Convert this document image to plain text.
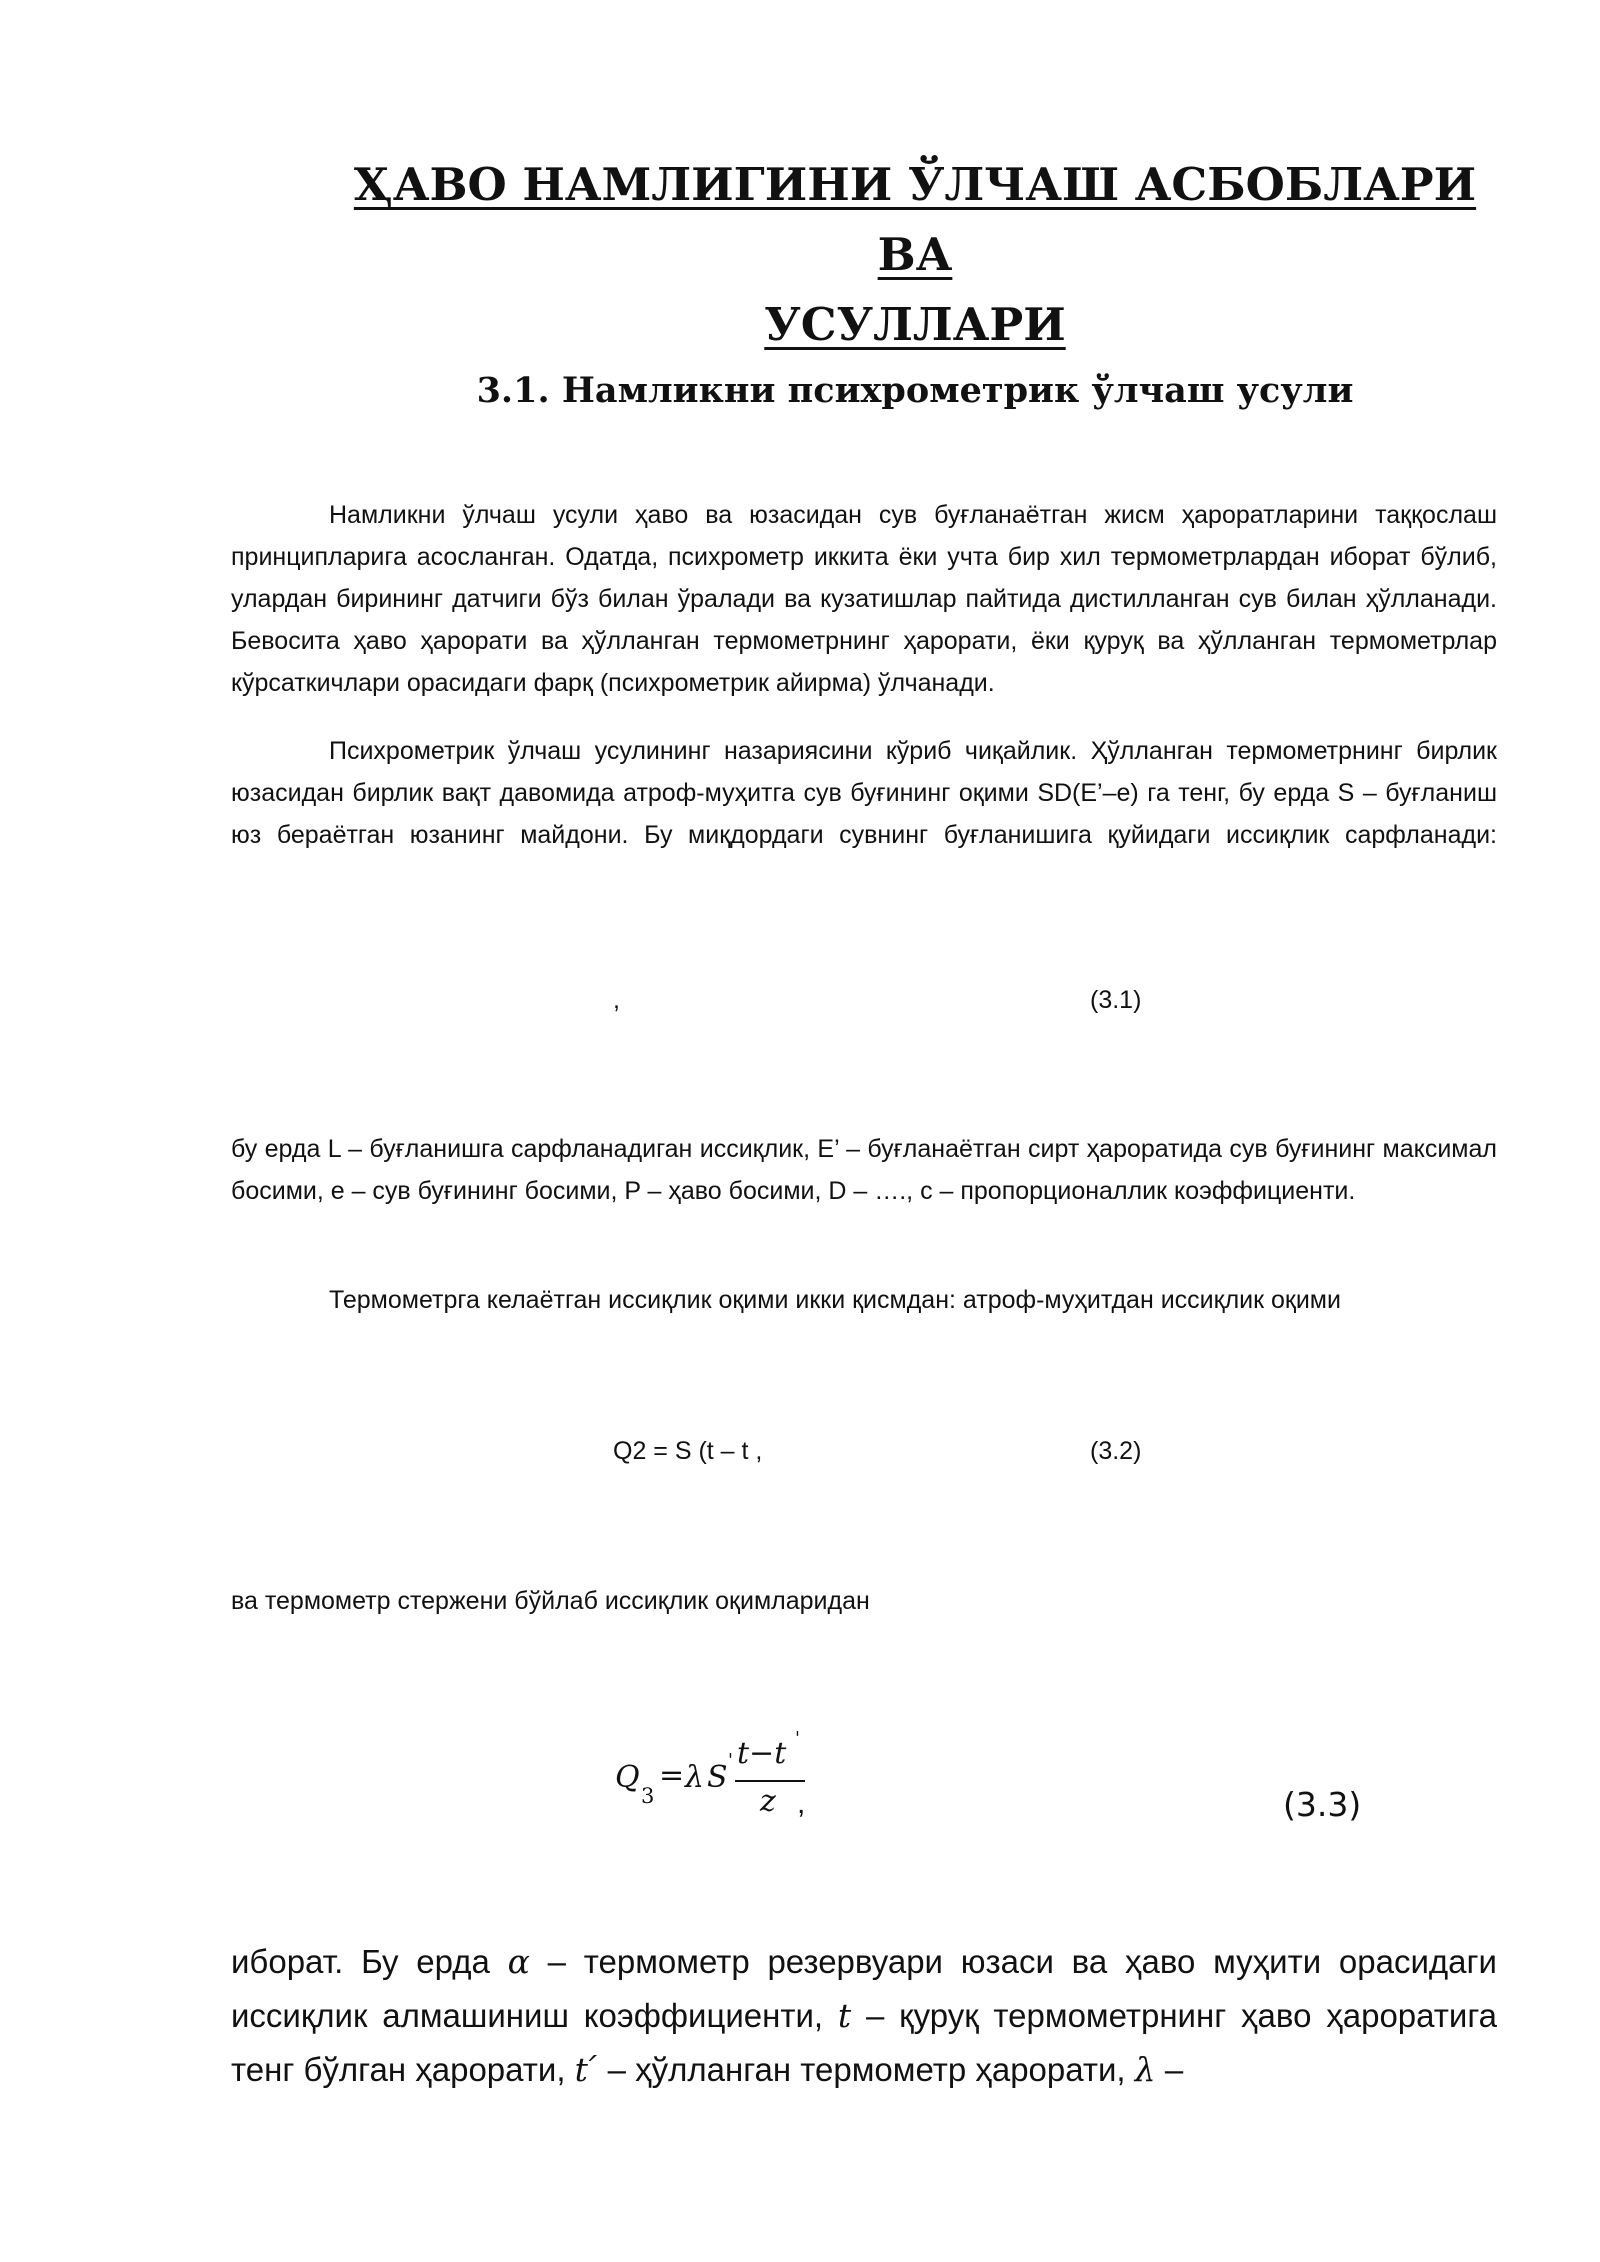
ҲАВО НАМЛИГИНИ ЎЛЧАШ АСБОБЛАРИ ВА
УСУЛЛАРИ
3.1. Намликни психрометрик ўлчаш усули

Намликни ўлчаш усули ҳаво ва юзасидан сув буғланаётган жисм ҳароратларини таққослаш принципларига асосланган. Одатда, психрометр иккита ёки учта бир хил термометрлардан иборат бўлиб, улардан бирининг датчиги бўз билан ўралади ва кузатишлар пайтида дистилланган сув билан ҳўлланади. Бевосита ҳаво ҳарорати ва ҳўлланган термометрнинг ҳарорати, ёки қуруқ ва ҳўлланган термометрлар кўрсаткичлари орасидаги фарқ (психрометрик айирма) ўлчанади.

Психрометрик ўлчаш усулининг назариясини кўриб чиқайлик. Ҳўлланган термометрнинг бирлик юзасидан бирлик вақт давомида атроф-муҳитга сув буғининг оқими SD(E’–e) га тенг, бу ерда S – буғланиш юз бераётган юзанинг майдони. Бу миқдордаги сувнинг буғланишига қуйидаги иссиқлик сарфланади:

,	(3.1)

бу ерда L – буғланишга сарфланадиган иссиқлик, E’ – буғланаётган сирт ҳароратида сув буғининг максимал босими, e – сув буғининг босими, P – ҳаво босими, D – …., c – пропорционаллик коэффициенти.

Термометрга келаётган иссиқлик оқими икки қисмдан: атроф-муҳитдан иссиқлик оқими

Q2 = S (t – t ,	(3.2)

ва термометр стержени бўйлаб иссиқлик оқимларидан

Q
3
= λ S ' t−t '
z ,	(3.3)

иборат. Бу ерда α – термометр резервуари юзаси ва ҳаво муҳити орасидаги иссиқлик алмашиниш коэффициенти, t – қуруқ термометрнинг ҳаво ҳароратига тенг бўлган ҳарорати, t ́ – ҳўлланган термометр ҳарорати, λ –
